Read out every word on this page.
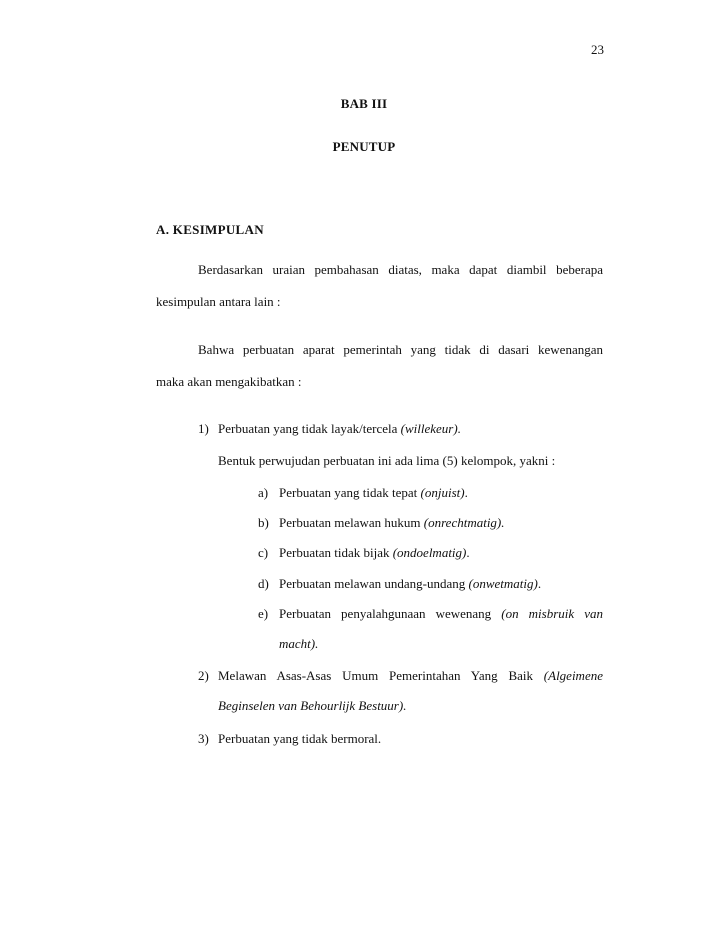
23
BAB III
PENUTUP
A. KESIMPULAN
Berdasarkan uraian pembahasan diatas, maka dapat diambil beberapa
kesimpulan antara lain :
Bahwa perbuatan aparat pemerintah yang tidak di dasari kewenangan
maka akan mengakibatkan :
1) Perbuatan yang tidak layak/tercela (willekeur).
Bentuk perwujudan perbuatan ini ada lima (5) kelompok, yakni :
a) Perbuatan yang tidak tepat (onjuist).
b) Perbuatan melawan hukum (onrechtmatig).
c) Perbuatan tidak bijak (ondoelmatig).
d) Perbuatan melawan undang-undang (onwetmatig).
e) Perbuatan penyalahgunaan wewenang (on misbruik van
macht).
2) Melawan Asas-Asas Umum Pemerintahan Yang Baik (Algeimene
Beginselen van Behourlijk Bestuur).
3) Perbuatan yang tidak bermoral.
